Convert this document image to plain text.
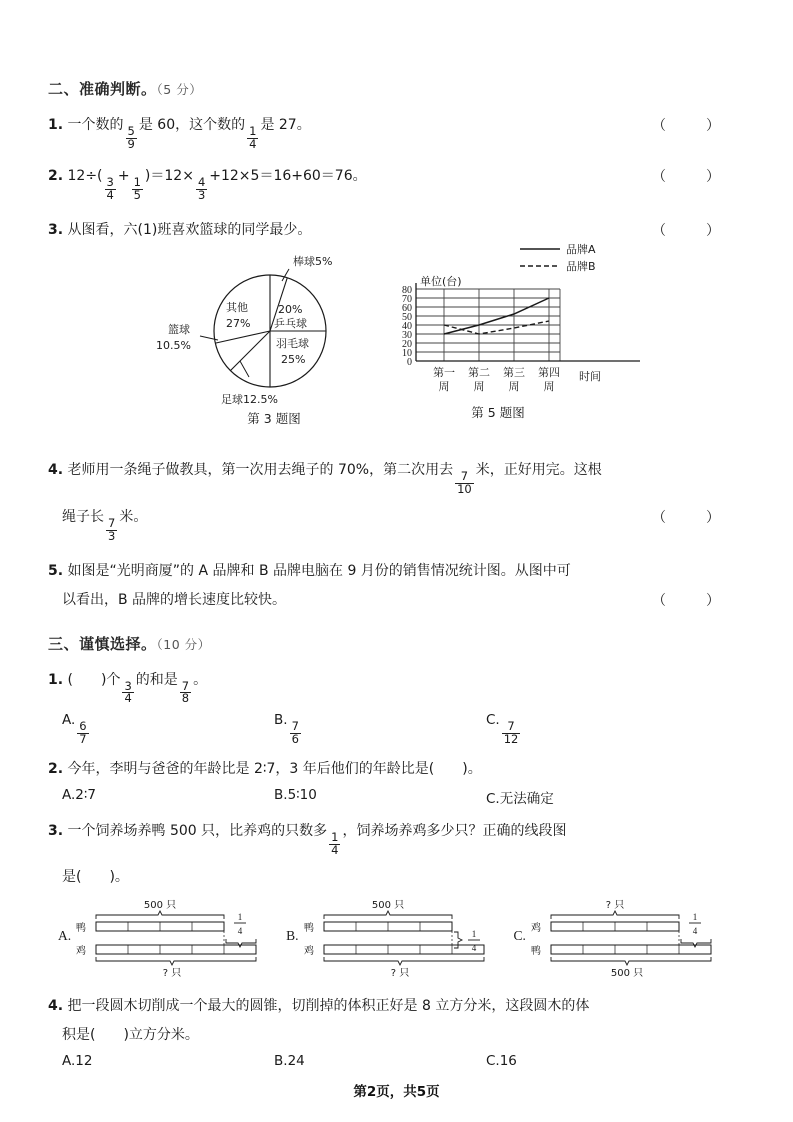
二、准确判断。（5 分）
1. 一个数的
$\frac{5}{9}$
是 60，这个数的
$\frac{1}{4}$
是 27。	（　）
2. 12÷(
$\frac{3}{4}$
+
$\frac{1}{5}$
)＝12×
$\frac{4}{3}$
+12×5＝16+60＝76。	（　）
3. 从图看，六(1)班喜欢篮球的同学最少。	（　）
棒球5%
足球12.5%
篮球
10.5%
20%
乒乓球
羽毛球
25%
其他
27%
第 3 题图
品牌A
品牌B
单位(台)
80
70
60
50
40
30
20
10
0
第一
周
第二
周
第三
周
第四
周
时间
第 5 题图
4. 老师用一条绳子做教具，第一次用去绳子的 70%，第二次用去
$\frac{7}{10}$
米，正好用完。这根
绳子长
$\frac{7}{3}$
米。	（　）
5. 如图是“光明商厦”的 A 品牌和 B 品牌电脑在 9 月份的销售情况统计图。从图中可
以看出，B 品牌的增长速度比较快。	（　）
三、谨慎选择。（10 分）
1. (　　)个
$\frac{3}{4}$
的和是
$\frac{7}{8}$
。
A.
$\frac{6}{7}$
B.
$\frac{7}{6}$
C.
$\frac{7}{12}$
2. 今年，李明与爸爸的年龄比是 2∶7，3 年后他们的年龄比是(　　)。
A.2∶7	B.5∶10	C.无法确定
3. 一个饲养场养鸭 500 只，比养鸡的只数多
$\frac{1}{4}$
，饲养场养鸡多少只？正确的线段图
是(　　)。
A. 鸭
鸡
500 只
? 只
1
4	B. 鸭
鸡
500 只
? 只
1
4
C. 鸡
鸭
? 只
500 只
1
4
4. 把一段圆木切削成一个最大的圆锥，切削掉的体积正好是 8 立方分米，这段圆木的体
积是(　　)立方分米。
A.12	B.24	C.16
第2页，共5页
